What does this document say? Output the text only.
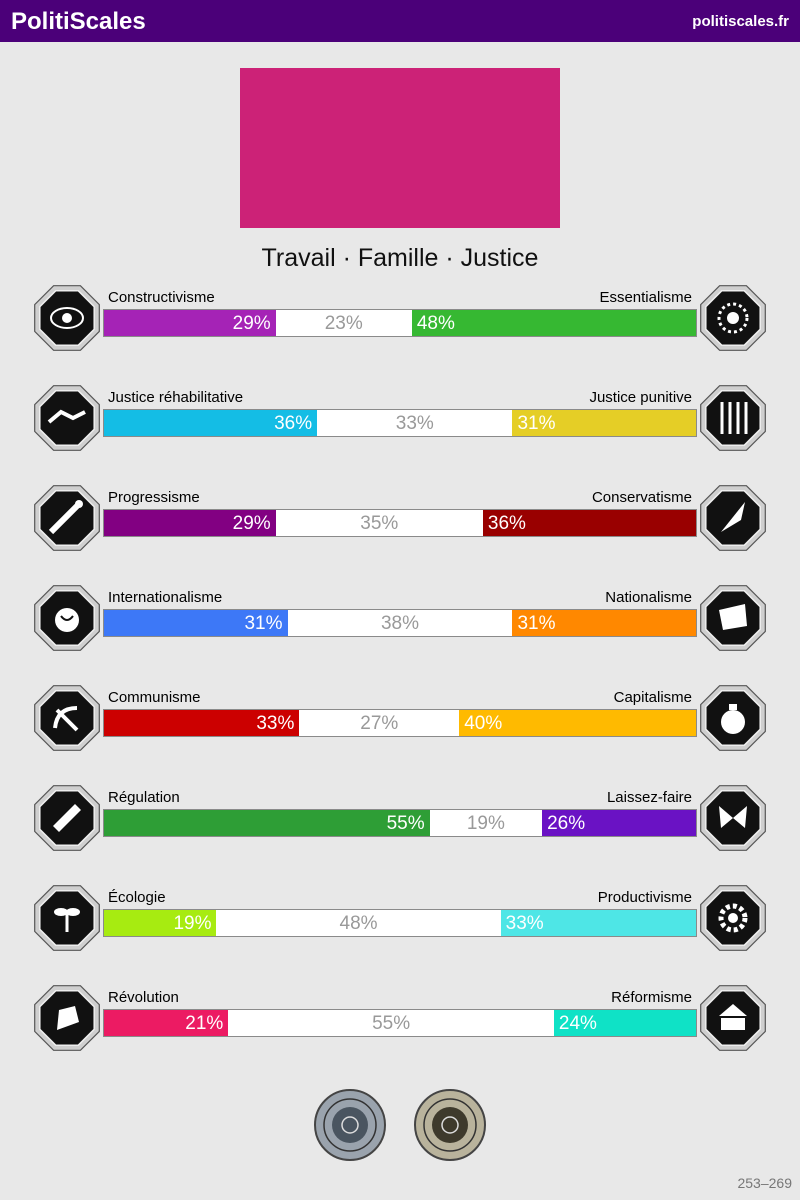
PolitiScales	politiscales.fr
Travail · Famille · Justice
Constructivisme	Essentialisme
29%	23%	48%
Justice réhabilitative	Justice punitive
36%	33%	31%
Progressisme	Conservatisme
29%	35%	36%
Internationalisme	Nationalisme
31%	38%	31%
Communisme	Capitalisme
33%	27%	40%
Régulation	Laissez-faire
55%	19%	26%
Écologie	Productivisme
19%	48%	33%
Révolution	Réformisme
21%	55%	24%
253–269
